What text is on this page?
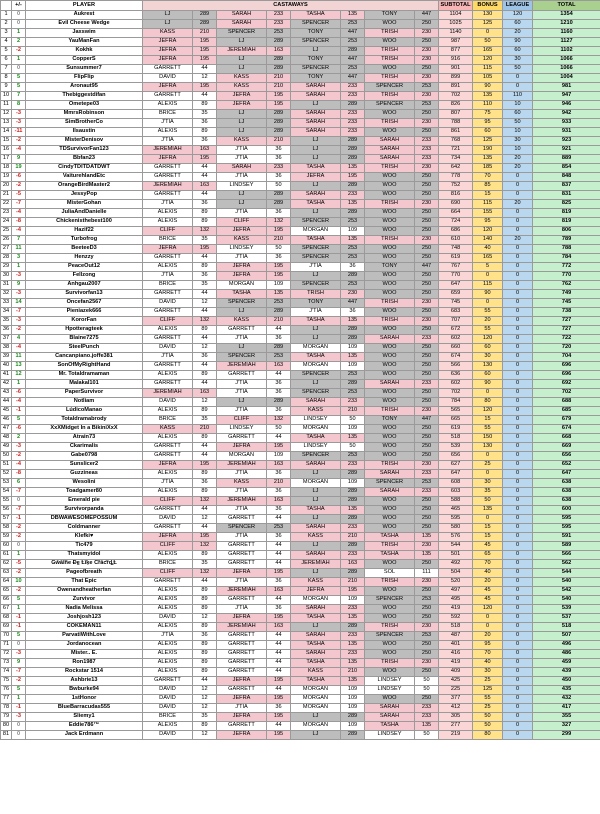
	+/-	PLAYER	CASTAWAYS								SUBTOTAL	BONUS	LEAGUE	TOTAL
1	0	Aukrest	LJ	289	SARAH	233	TASHA	135	TONY	447	1104	130	120	1354
2	0	Evil Cheese Wedge	LJ	289	SARAH	233	SPENCER	253	WOO	250	1025	125	60	1210
3	1	Jaxswim	KASS	210	SPENCER	253	TONY	447	TRISH	230	1140	0	20	1160
4	2	YauManFan	JEFRA	195	LJ	289	SPENCER	253	WOO	250	987	50	90	1127
5	-2	Kokhk	JEFRA	195	JEREMIAH	163	LJ	289	TRISH	230	877	165	60	1102
6	1	CopperS	JEFRA	195	LJ	289	TONY	447	TRISH	230	916	120	30	1066
7	0	Sunsummer7	GARRETT	44	LJ	289	SPENCER	253	WOO	250	901	115	50	1066
8	5	FlipFlip	DAVID	12	KASS	210	TONY	447	TRISH	230	899	105	0	1004
9	5	Aronaut95	JEFRA	195	KASS	210	SARAH	233	SPENCER	253	891	90	0	981
10	7	Thebiggestdifan	GARRETT	44	JEFRA	195	SARAH	233	TRISH	230	702	135	110	947
11	8	Ometepe03	ALEXIS	89	JEFRA	195	LJ	289	SPENCER	253	826	110	10	946
12	-3	MmrsRobinson	BRICE	35	LJ	289	SARAH	233	WOO	250	807	75	60	942
13	-3	SimBrotherCo	J'TIA	36	LJ	289	SARAH	233	TRISH	230	788	95	50	933
14	-11	Ilsaustin	ALEXIS	89	LJ	289	SARAH	233	WOO	250	861	60	10	931
15	-2	MisterDenisov	J'TIA	36	KASS	210	LJ	289	SARAH	233	768	125	30	923
16	-4	TDSurvivorFan123	JEREMIAH	163	J'TIA	36	LJ	289	SARAH	233	721	190	10	921
17	9	Bbfan23	JEFRA	195	J'TIA	36	LJ	289	SARAH	233	734	135	20	889
18	19	CindyTDITDATDWT	GARRETT	44	SARAH	233	TASHA	135	TRISH	230	642	185	20	854
19	-6	VaiturehlandEtc	GARRETT	44	J'TIA	36	JEFRA	195	WOO	250	778	70	0	848
20	-2	OrangeBirdMaster2	JEREMIAH	163	LINDSEY	50	LJ	289	WOO	250	752	85	0	837
21	-5	JessyPop	GARRETT	44	LJ	289	SARAH	233	WOO	250	816	15	0	831
22	-7	MisterGohan	J'TIA	36	LJ	289	TASHA	135	TRISH	230	690	115	20	825
23	-4	JuliaAndDanielle	ALEXIS	89	J'TIA	36	LJ	289	WOO	250	664	155	0	819
24	-8	Chickenisthebest100	ALEXIS	89	CLIFF	132	SPENCER	253	WOO	250	724	95	0	819
25	-4	Hazif22	CLIFF	132	JEFRA	195	MORGAN	109	WOO	250	686	120	0	806
26	7	Turbofrog	BRICE	35	KASS	210	TASHA	135	TRISH	230	610	140	20	789
27	11	BeeteeD3	JEFRA	195	LINDSEY	50	SPENCER	253	WOO	250	748	40	0	788
28	3	Henzzy	GARRETT	44	J'TIA	36	SPENCER	253	WOO	250	619	165	0	784
29	1	PeaceOut12	ALEXIS	89	JEFRA	195	J'TIA	36	TONY	447	767	5	0	772
30	-3	Fellzong	J'TIA	36	JEFRA	195	LJ	289	WOO	250	770	0	0	770
31	9	Anhgau2007	BRICE	35	MORGAN	109	SPENCER	253	WOO	250	647	115	0	762
32	-3	Survivorfan13	GARRETT	44	TASHA	135	TRISH	230	WOO	250	659	90	0	749
33	14	Oncefan2567	DAVID	12	SPENCER	253	TONY	447	TRISH	230	745	0	0	745
34	-7	Pieniazek666	GARRETT	44	LJ	289	J'TIA	36	WOO	250	683	55	0	738
35	-3	KororFan	CLIFF	132	KASS	210	TASHA	135	TRISH	230	707	20	0	727
36	-2	Hpotteragteek	ALEXIS	89	GARRETT	44	LJ	289	WOO	250	672	55	0	727
37	4	Blaine7275	GARRETT	44	J'TIA	36	LJ	289	SARAH	233	602	120	0	722
38	-4	SteelPunch	DAVID	12	LJ	289	MORGAN	109	WOO	250	660	60	0	720
39	11	Cancanpiano.joffe381	J'TIA	36	SPENCER	253	TASHA	135	WOO	250	674	30	0	704
40	13	SonOfMyRightHand	GARRETT	44	JEREMIAH	163	MORGAN	109	WOO	250	566	130	0	696
41	12	Mr. Totaldramaman	ALEXIS	89	GARRETT	44	SPENCER	253	WOO	250	636	60	0	696
42	1	Malakal101	GARRETT	44	J'TIA	36	LJ	289	SARAH	233	602	90	0	692
43	-6	PaperSurvivor	JEREMIAH	163	J'TIA	36	SPENCER	253	WOO	250	702	0	0	702
44	-4	Notliam	DAVID	12	LJ	289	SARAH	233	WOO	250	784	80	0	688
45	-1	LúdicoManao	ALEXIS	89	J'TIA	36	KASS	210	TRISH	230	565	120	0	685
46	5	Totaldramabrody	BRICE	35	CLIFF	132	LINDSEY	50	TONY	447	665	15	0	679
47	-6	XxXMidget In a BikiniXxX	KASS	210	LINDSEY	50	MORGAN	109	WOO	250	619	55	0	674
48	2	Atrain73	ALEXIS	89	GARRETT	44	TASHA	135	WOO	250	518	150	0	668
49	-3	Ckarimalis	GARRETT	44	JEFRA	195	LINDSEY	50	WOO	250	539	130	0	669
50	-2	Gabe0798	GARRETT	44	MORGAN	109	SPENCER	253	WOO	250	656	0	0	656
51	-4	Sunslicer2	JEFRA	195	JEREMIAH	163	SARAH	233	TRISH	230	627	25	0	652
52	-8	Guzzineas	ALEXIS	89	J'TIA	36	LJ	289	SARAH	233	647	0	0	647
53	6	Wesolini	J'TIA	36	KASS	210	MORGAN	109	SPENCER	253	608	30	0	638
54	-7	Toadgamer80	ALEXIS	89	J'TIA	36	LJ	289	SARAH	233	603	35	0	638
55	0	Emerald pie	CLIFF	132	JEREMIAH	163	LJ	289	WOO	250	588	50	0	638
56	-7	Survivorpanda	GARRETT	44	J'TIA	36	TASHA	135	WOO	250	465	135	0	600
57	-1	DBWAWESOMEPOSSUM	DAVID	12	GARRETT	44	LJ	289	WOO	250	595	0	0	595
58	-2	Coldmanner	GARRETT	44	SPENCER	253	SARAH	233	WOO	250	580	15	0	595
59	-2	Klefki♥	JEFRA	195	J'TIA	36	KASS	210	TASHA	135	576	15	0	591
60	0	Tic479	CLIFF	132	GARRETT	44	LJ	289	TRISH	230	544	45	0	589
61	1	Thatsmyidol	ALEXIS	89	GARRETT	44	SARAH	233	TASHA	135	501	65	0	566
62	-5	Ġŵâīñe Ɖḛ Ƚīķe ĈȑȃƈȓȡȽ	BRICE	35	GARRETT	44	JEREMIAH	163	WOO	250	492	70	0	562
63	-2	Pageofbreath	CLIFF	132	JEFRA	195	LJ	289	SOL	111	504	40	0	544
64	10	That Epic	GARRETT	44	J'TIA	36	KASS	210	TRISH	230	520	20	0	540
65	-2	Owenandheatherfan	ALEXIS	89	JEREMIAH	163	JEFRA	195	WOO	250	497	45	0	542
66	5	Zurvivor	ALEXIS	89	GARRETT	44	MORGAN	109	SPENCER	253	495	45	0	540
67	1	Nadia Melissa	ALEXIS	89	J'TIA	36	SARAH	233	WOO	250	419	120	0	539
68	-1	Joshjosh123	DAVID	12	JEFRA	195	TASHA	135	WOO	250	592	0	0	537
69	-1	COKEMAN11	ALEXIS	89	JEREMIAH	163	LJ	289	TRISH	230	518	0	0	518
70	5	ParvatiWithLove	J'TIA	36	GARRETT	44	SARAH	233	SPENCER	253	487	20	0	507
71	0	Jordanocean	ALEXIS	89	GARRETT	44	TASHA	135	WOO	250	401	95	0	496
72	-3	Mister.. E.	ALEXIS	89	GARRETT	44	SARAH	233	WOO	250	416	70	0	486
73	9	Ron1987	ALEXIS	89	GARRETT	44	TASHA	135	TRISH	230	419	40	0	459
74	-7	Rockstar 1514	ALEXIS	89	GARRETT	44	KASS	210	WOO	250	409	30	0	439
75	-2	Ashbrie13	GARRETT	44	JEFRA	195	TASHA	135	LINDSEY	50	425	25	0	450
76	5	Bwburke94	DAVID	12	GARRETT	44	MORGAN	109	LINDSEY	50	225	125	0	435
77	1	1stHonor	DAVID	12	JEFRA	195	MORGAN	109	WOO	250	377	55	0	432
78	-1	BlueBarracudas555	DAVID	12	J'TIA	36	MORGAN	109	SARAH	233	412	25	0	417
79	-3	Sliemy1	BRICE	35	JEFRA	195	LJ	289	SARAH	233	305	50	0	355
80	0	Eddie786™	ALEXIS	89	GARRETT	44	MORGAN	109	TASHA	135	277	50	0	327
81	0	Jack Erdmann	DAVID	12	JEFRA	195	LJ	289	LINDSEY	50	219	80	0	299
